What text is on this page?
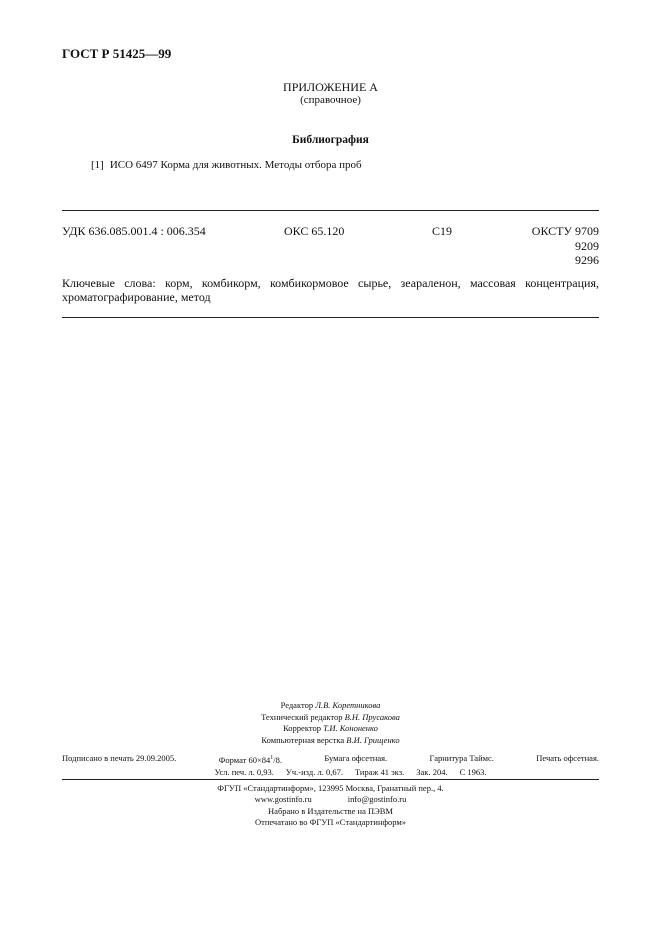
ГОСТ Р 51425—99
ПРИЛОЖЕНИЕ А
(справочное)
Библиография
[1] ИСО 6497 Корма для животных. Методы отбора проб
УДК 636.085.001.4 : 006.354	ОКС 65.120	С19	ОКСТУ 9709
9209
9296
Ключевые слова: корм, комбикорм, комбикормовое сырье, зеараленон, массовая концентрация, хроматографирование, метод
Редактор Л.В. Коретникова
Технический редактор В.Н. Прусакова
Корректор Т.И. Кононенко
Компьютерная верстка В.И. Грищенко
Подписано в печать 29.09.2005.	Формат $60\times 84^1/8$.	Бумага офсетная.	Гарнитура Таймс.	Печать офсетная.
Усл. печ. л. 0,93. Уч.-изд. л. 0,67. Тираж 41 экз. Зак. 204. С 1963.
ФГУП «Стандартинформ», 123995 Москва, Гранатный пер., 4.
www.gostinfo.ru	info@gostinfo.ru
Набрано в Издательстве на ПЭВМ
Отпечатано во ФГУП «Стандартинформ»
